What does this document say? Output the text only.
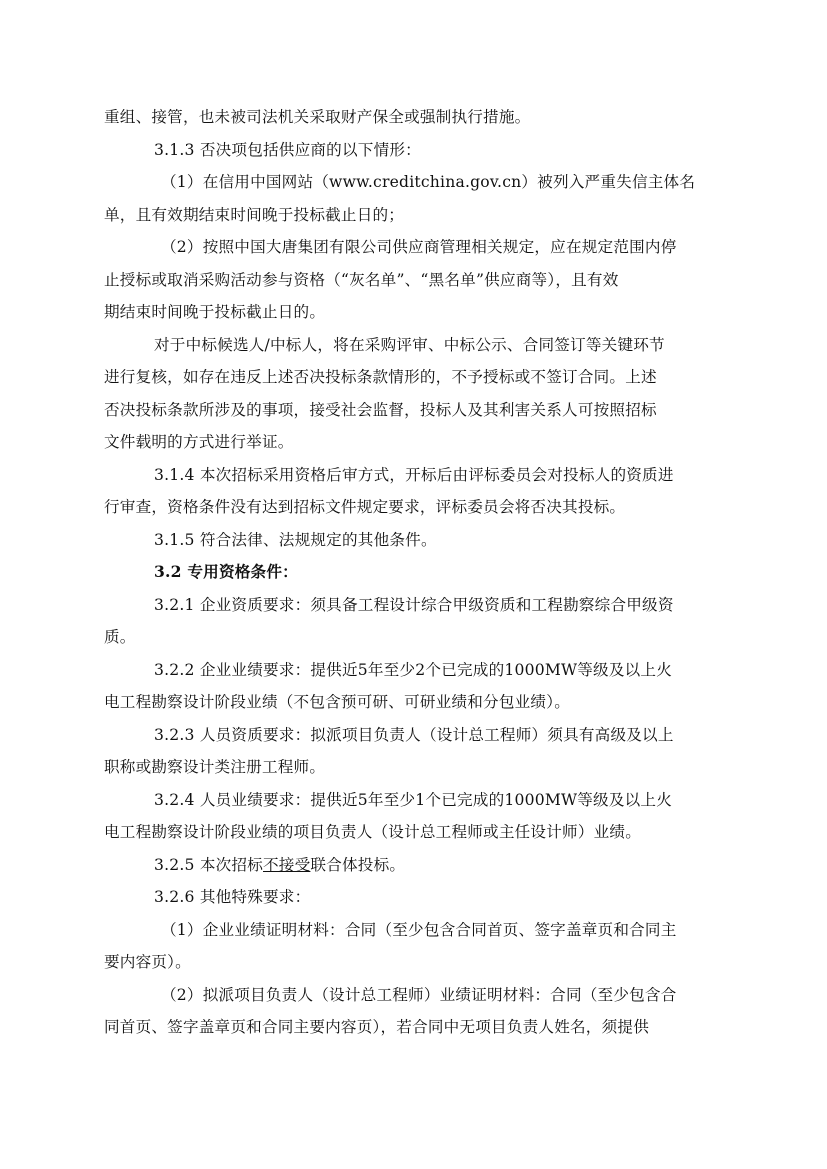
重组、接管，也未被司法机关采取财产保全或强制执行措施。
3.1.3 否决项包括供应商的以下情形：
（1）在信用中国网站（www.creditchina.gov.cn）被列入严重失信主体名
单，且有效期结束时间晚于投标截止日的；
（2）按照中国大唐集团有限公司供应商管理相关规定，应在规定范围内停
止授标或取消采购活动参与资格（“灰名单”、“黑名单”供应商等），且有效
期结束时间晚于投标截止日的。
对于中标候选人/中标人，将在采购评审、中标公示、合同签订等关键环节
进行复核，如存在违反上述否决投标条款情形的，不予授标或不签订合同。上述
否决投标条款所涉及的事项，接受社会监督，投标人及其利害关系人可按照招标
文件载明的方式进行举证。
3.1.4 本次招标采用资格后审方式，开标后由评标委员会对投标人的资质进
行审查，资格条件没有达到招标文件规定要求，评标委员会将否决其投标。
3.1.5 符合法律、法规规定的其他条件。
3.2 专用资格条件：
3.2.1 企业资质要求：须具备工程设计综合甲级资质和工程勘察综合甲级资
质。
3.2.2 企业业绩要求：提供近5年至少2个已完成的1000MW等级及以上火
电工程勘察设计阶段业绩（不包含预可研、可研业绩和分包业绩）。
3.2.3 人员资质要求：拟派项目负责人（设计总工程师）须具有高级及以上
职称或勘察设计类注册工程师。
3.2.4 人员业绩要求：提供近5年至少1个已完成的1000MW等级及以上火
电工程勘察设计阶段业绩的项目负责人（设计总工程师或主任设计师）业绩。
3.2.5 本次招标不接受联合体投标。
3.2.6 其他特殊要求：
（1）企业业绩证明材料：合同（至少包含合同首页、签字盖章页和合同主
要内容页）。
（2）拟派项目负责人（设计总工程师）业绩证明材料：合同（至少包含合
同首页、签字盖章页和合同主要内容页），若合同中无项目负责人姓名，须提供
